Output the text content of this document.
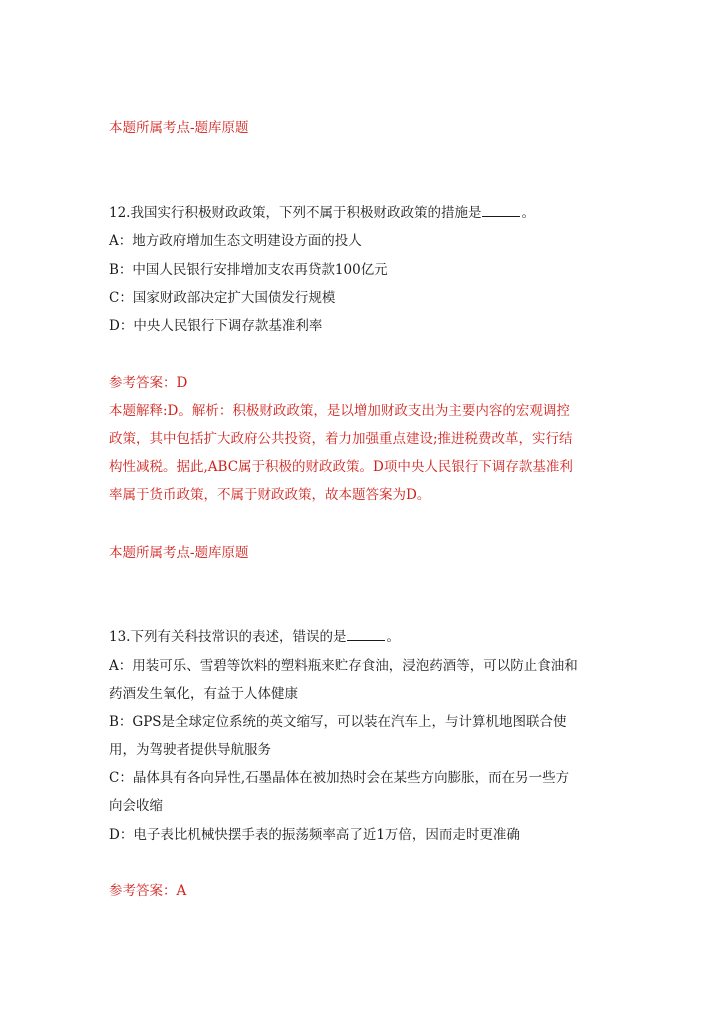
本题所属考点-题库原题
12.我国实行积极财政政策，下列不属于积极财政政策的措施是	。
A：地方政府增加生态文明建设方面的投人
B：中国人民银行安排增加支农再贷款100亿元
C：国家财政部决定扩大国债发行规模
D：中央人民银行下调存款基准利率
参考答案：D
本题解释:D。解析：积极财政政策，是以增加财政支出为主要内容的宏观调控
政策，其中包括扩大政府公共投资，着力加强重点建设;推进税费改革，实行结
构性减税。据此,ABC属于积极的财政政策。D项中央人民银行下调存款基准利
率属于货币政策，不属于财政政策，故本题答案为D。
本题所属考点-题库原题
13.下列有关科技常识的表述，错误的是	。
A：用装可乐、雪碧等饮料的塑料瓶来贮存食油，浸泡药酒等，可以防止食油和
药酒发生氧化，有益于人体健康
B：GPS是全球定位系统的英文缩写，可以装在汽车上，与计算机地图联合使
用，为驾驶者提供导航服务
C：晶体具有各向异性,石墨晶体在被加热时会在某些方向膨胀，而在另一些方
向会收缩
D：电子表比机械快摆手表的振荡频率高了近1万倍，因而走时更准确
参考答案：A
